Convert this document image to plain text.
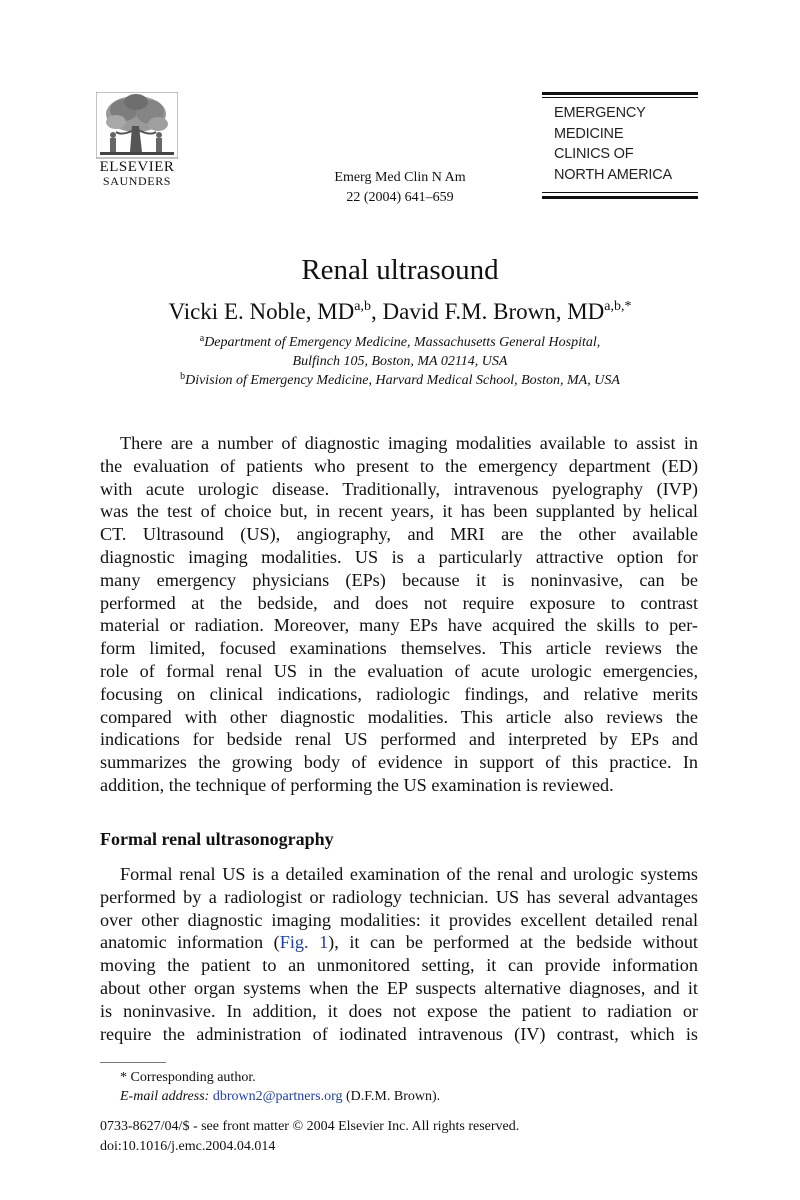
ELSEVIER
SAUNDERS	Emerg Med Clin N Am
22 (2004) 641–659
EMERGENCY
MEDICINE
CLINICS OF
NORTH AMERICA
Renal ultrasound
Vicki E. Noble, MD$^{a,b}$, David F.M. Brown, $MD^{a,b,*}$
$^a$Department of Emergency Medicine, Massachusetts General Hospital,
Bulfinch 105, Boston, MA 02114, USA
$^b$Division of Emergency Medicine, Harvard Medical School, Boston, MA, USA
There are a number of diagnostic imaging modalities available to assist in
the evaluation of patients who present to the emergency department (ED)
with acute urologic disease. Traditionally, intravenous pyelography (IVP)
was the test of choice but, in recent years, it has been supplanted by helical
CT. Ultrasound (US), angiography, and MRI are the other available
diagnostic imaging modalities. US is a particularly attractive option for
many emergency physicians (EPs) because it is noninvasive, can be
performed at the bedside, and does not require exposure to contrast
material or radiation. Moreover, many EPs have acquired the skills to per-
form limited, focused examinations themselves. This article reviews the
role of formal renal US in the evaluation of acute urologic emergencies,
focusing on clinical indications, radiologic findings, and relative merits
compared with other diagnostic modalities. This article also reviews the
indications for bedside renal US performed and interpreted by EPs and
summarizes the growing body of evidence in support of this practice. In
addition, the technique of performing the US examination is reviewed.
Formal renal ultrasonography
Formal renal US is a detailed examination of the renal and urologic systems
performed by a radiologist or radiology technician. US has several advantages
over other diagnostic imaging modalities: it provides excellent detailed renal
anatomic information (Fig. 1), it can be performed at the bedside without
moving the patient to an unmonitored setting, it can provide information
about other organ systems when the EP suspects alternative diagnoses, and it
is noninvasive. In addition, it does not expose the patient to radiation or
require the administration of iodinated intravenous (IV) contrast, which is
* Corresponding author.
E-mail address: dbrown2@partners.org (D.F.M. Brown).
0733-8627/04/$ - see front matter © 2004 Elsevier Inc. All rights reserved.
doi:10.1016/j.emc.2004.04.014
